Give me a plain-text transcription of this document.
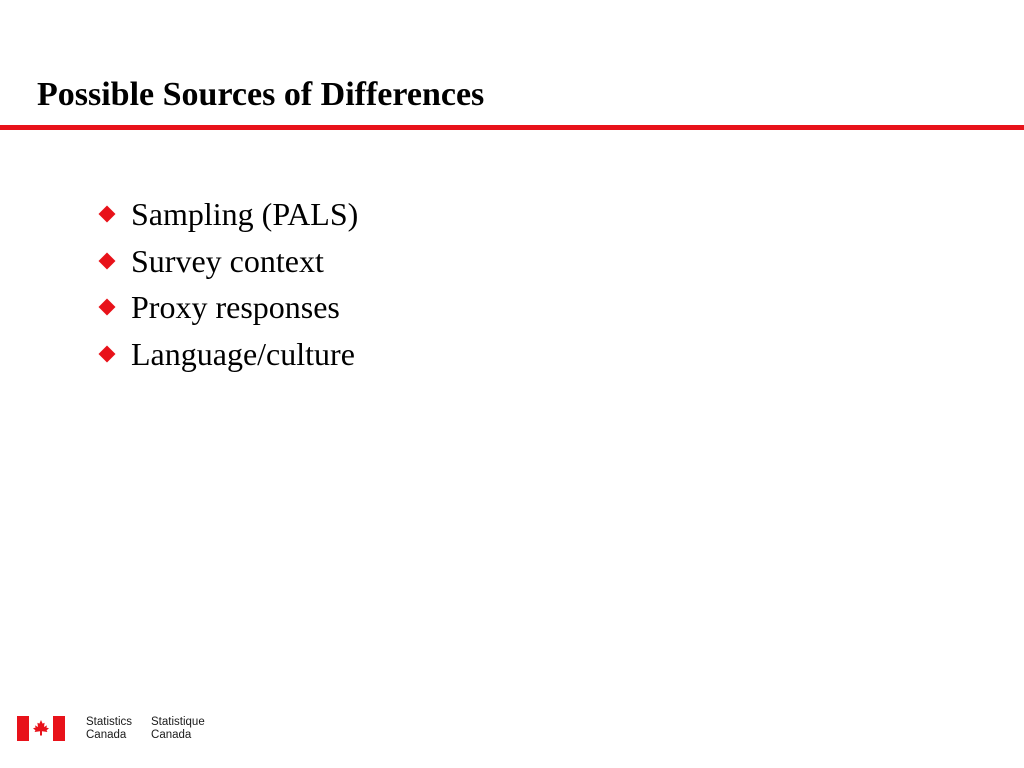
Possible Sources of Differences
Sampling (PALS)
Survey context
Proxy responses
Language/culture
Statistics
Canada
Statistique
Canada
